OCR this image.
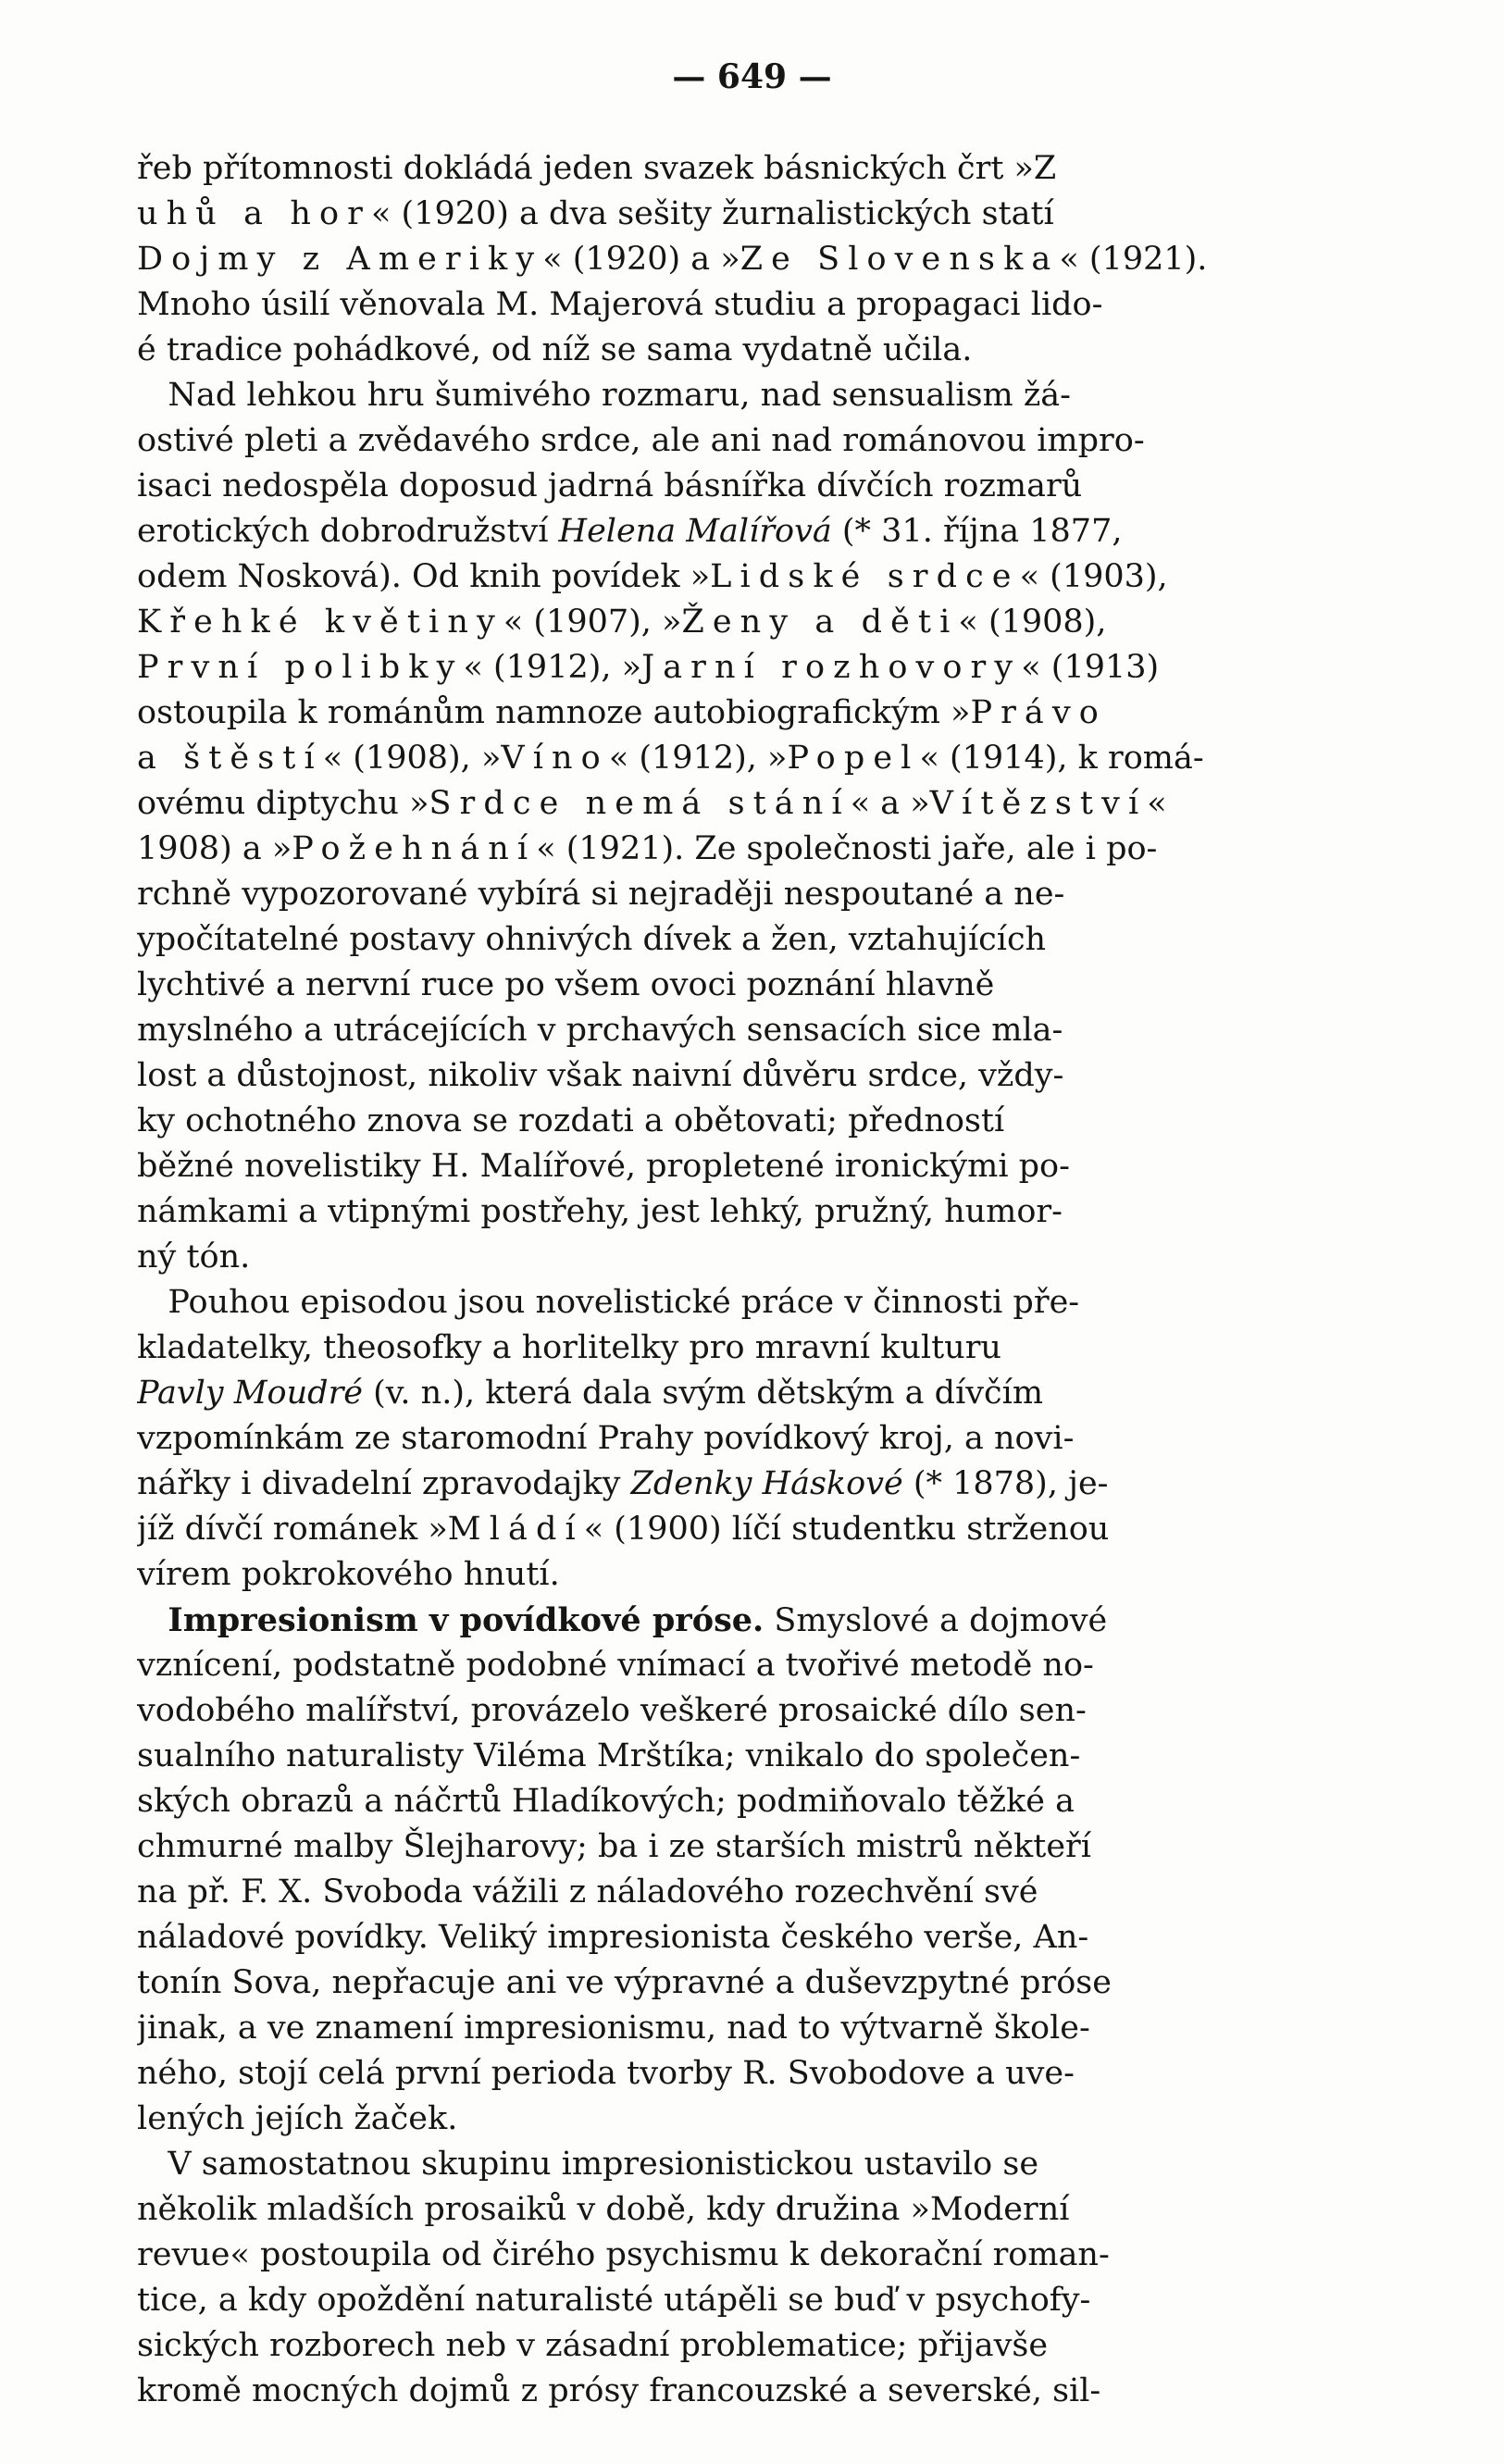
— 649 —
řeb přítomnosti dokládá jeden svazek básnických črt »Z
uhů a hor« (1920) a dva sešity žurnalistických statí
Dojmy z Ameriky« (1920) a »Ze Slovenska« (1921).
Mnoho úsilí věnovala M. Majerová studiu a propagaci lido-
é tradice pohádkové, od níž se sama vydatně učila.
Nad lehkou hru šumivého rozmaru, nad sensualism žá-
ostivé pleti a zvědavého srdce, ale ani nad románovou impro-
isaci nedospěla doposud jadrná básnířka dívčích rozmarů
erotických dobrodružství Helena Malířová (* 31. října 1877,
odem Nosková). Od knih povídek »Lidské srdce« (1903),
Křehké květiny« (1907), »Ženy a děti« (1908),
První polibky« (1912), »Jarní rozhovory« (1913)
ostoupila k románům namnoze autobiografickým »Právo
a štěstí« (1908), »Víno« (1912), »Popel« (1914), k romá-
ovému diptychu »Srdce nemá stání« a »Vítězství«
1908) a »Požehnání« (1921). Ze společnosti jaře, ale i po-
rchně vypozorované vybírá si nejraději nespoutané a ne-
ypočítatelné postavy ohnivých dívek a žen, vztahujících
lychtivé a nervní ruce po všem ovoci poznání hlavně
myslného a utrácejících v prchavých sensacích sice mla-
lost a důstojnost, nikoliv však naivní důvěru srdce, vždy-
ky ochotného znova se rozdati a obětovati; předností
běžné novelistiky H. Malířové, propletené ironickými po-
námkami a vtipnými postřehy, jest lehký, pružný, humor-
ný tón.
Pouhou episodou jsou novelistické práce v činnosti pře-
kladatelky, theosofky a horlitelky pro mravní kulturu
Pavly Moudré (v. n.), která dala svým dětským a dívčím
vzpomínkám ze staromodní Prahy povídkový kroj, a novi-
nářky i divadelní zpravodajky Zdenky Háskové (* 1878), je-
jíž dívčí románek »Mládí« (1900) líčí studentku strženou
vírem pokrokového hnutí.
Impresionism v povídkové próse. Smyslové a dojmové
vznícení, podstatně podobné vnímací a tvořivé metodě no-
vodobého malířství, provázelo veškeré prosaické dílo sen-
sualního naturalisty Viléma Mrštíka; vnikalo do společen-
ských obrazů a náčrtů Hladíkových; podmiňovalo těžké a
chmurné malby Šlejharovy; ba i ze starších mistrů někteří
na př. F. X. Svoboda vážili z náladového rozechvění své
náladové povídky. Veliký impresionista českého verše, An-
tonín Sova, nepřacuje ani ve výpravné a duševzpytné próse
jinak, a ve znamení impresionismu, nad to výtvarně škole-
ného, stojí celá první perioda tvorby R. Svobodove a uve-
lených jejích žaček.
V samostatnou skupinu impresionistickou ustavilo se
několik mladších prosaiků v době, kdy družina »Moderní
revue« postoupila od čirého psychismu k dekorační roman-
tice, a kdy opoždění naturalisté utápěli se buď v psychofy-
sických rozborech neb v zásadní problematice; přijavše
kromě mocných dojmů z prósy francouzské a severské, sil-
